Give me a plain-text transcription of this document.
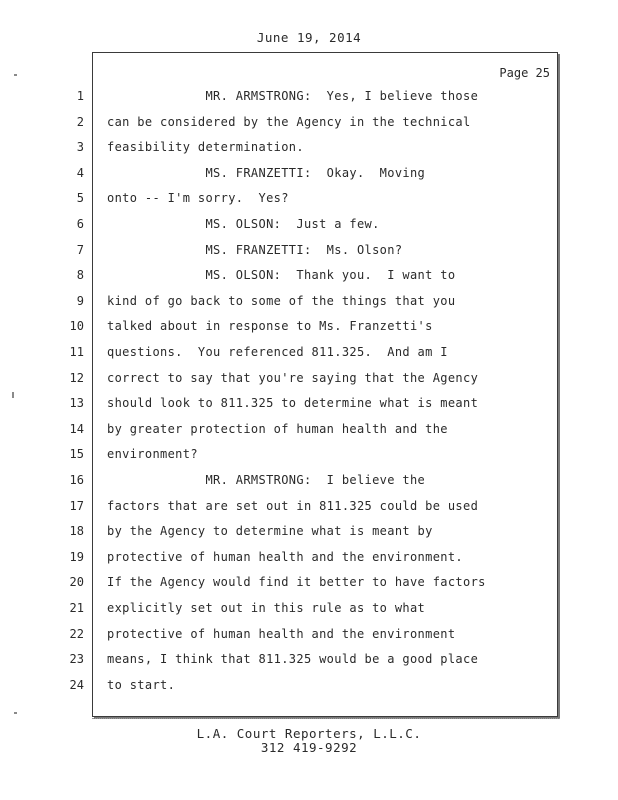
June 19, 2014
Page 25
1 MR. ARMSTRONG:  Yes, I believe those
2 can be considered by the Agency in the technical
3 feasibility determination.
4 MS. FRANZETTI:  Okay.  Moving
5 onto -- I'm sorry.  Yes?
6 MS. OLSON:  Just a few.
7 MS. FRANZETTI:  Ms. Olson?
8 MS. OLSON:  Thank you.  I want to
9 kind of go back to some of the things that you
10 talked about in response to Ms. Franzetti's
11 questions.  You referenced 811.325.  And am I
12 correct to say that you're saying that the Agency
13 should look to 811.325 to determine what is meant
14 by greater protection of human health and the
15 environment?
16 MR. ARMSTRONG:  I believe the
17 factors that are set out in 811.325 could be used
18 by the Agency to determine what is meant by
19 protective of human health and the environment.
20 If the Agency would find it better to have factors
21 explicitly set out in this rule as to what
22 protective of human health and the environment
23 means, I think that 811.325 would be a good place
24 to start.
L.A. Court Reporters, L.L.C.
312 419-9292
